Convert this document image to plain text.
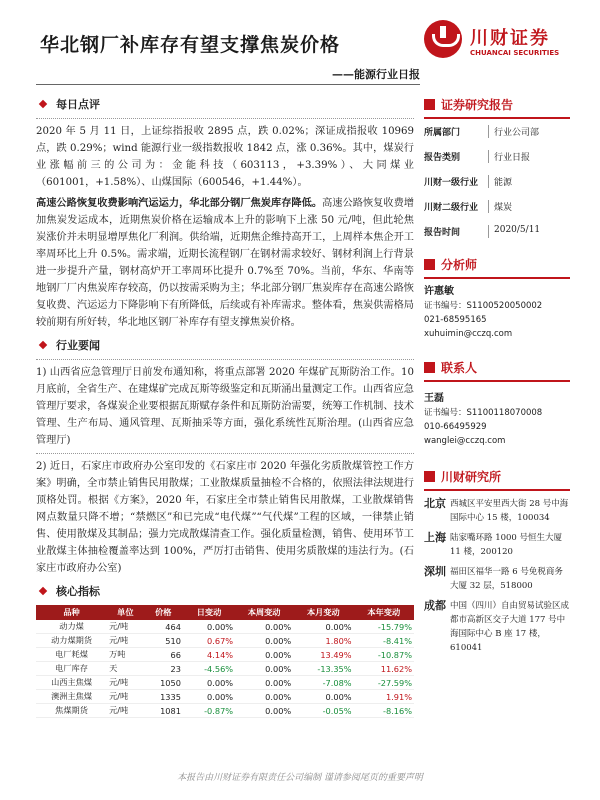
华北钢厂补库存有望支撑焦炭价格
——能源行业日报
川财证券
CHUANCAI SECURITIES
每日点评

2020 年 5 月 11 日，上证综指报收 2895 点，跌 0.02%；深证成指报收 10969 点，跌 0.29%；wind 能源行业一级指数报收 1842 点，涨 0.36%。其中，煤炭行业涨幅前三的公司为：金能科技（603113，+3.39%）、大同煤业（601001，+1.58%）、山煤国际（600546，+1.44%）。

高速公路恢复收费影响汽运运力，华北部分钢厂焦炭库存降低。高速公路恢复收费增加焦炭发运成本，近期焦炭价格在运输成本上升的影响下上涨 50 元/吨，但此轮焦炭涨价并未明显增厚焦化厂利润。供给端，近期焦企维持高开工，上周样本焦企开工率周环比上升 0.5%。需求端，近期长流程钢厂在钢材需求较好、钢材利润上行背景进一步提升产量，钢材高炉开工率周环比提升 0.7%至 70%。当前，华东、华南等地钢厂厂内焦炭库存较高，仍以按需采购为主；华北部分钢厂焦炭库存在高速公路恢复收费、汽运运力下降影响下有所降低，后续或有补库需求。整体看，焦炭供需格局较前期有所好转，华北地区钢厂补库存有望支撑焦炭价格。

行业要闻

1) 山西省应急管理厅日前发布通知称，将重点部署 2020 年煤矿瓦斯防治工作。10 月底前，全省生产、在建煤矿完成瓦斯等级鉴定和瓦斯涌出量测定工作。山西省应急管理厅要求，各煤炭企业要根据瓦斯赋存条件和瓦斯防治需要，统筹工作机制、技术管理、生产布局、通风管理、瓦斯抽采等方面，强化系统性瓦斯治理。(山西省应急管理厅)

2) 近日，石家庄市政府办公室印发的《石家庄市 2020 年强化劣质散煤管控工作方案》明确，全市禁止销售民用散煤；工业散煤质量抽检不合格的，依照法律法规进行顶格处罚。根据《方案》，2020 年，石家庄全市禁止销售民用散煤，工业散煤销售网点数量只降不增；“禁燃区”和已完成“电代煤”“气代煤”工程的区域，一律禁止销售、使用散煤及其制品；强力完成散煤清查工作。强化质量检测，销售、使用环节工业散煤主体抽检覆盖率达到 100%，严厉打击销售、使用劣质散煤的违法行为。(石家庄市政府办公室)

核心指标
品种	单位	价格	日变动	本周变动	本月变动	本年变动
动力煤	元/吨	464	0.00%	0.00%	0.00%	-15.79%
动力煤期货	元/吨	510	0.67%	0.00%	1.80%	-8.41%
电厂耗煤	万吨	66	4.14%	0.00%	13.49%	-10.87%
电厂库存	天	23	-4.56%	0.00%	-13.35%	11.62%
山西主焦煤	元/吨	1050	0.00%	0.00%	-7.08%	-27.59%
澳洲主焦煤	元/吨	1335	0.00%	0.00%	0.00%	1.91%
焦煤期货	元/吨	1081	-0.87%	0.00%	-0.05%	-8.16%
证券研究报告
所属部门	行业公司部
报告类别	行业日报
川财一级行业	能源
川财二级行业	煤炭
报告时间	2020/5/11
分析师
许惠敏
证书编号：S1100520050002
021-68595165
xuhuimin@cczq.com
联系人
王磊
证书编号：S1100118070008
010-66495929
wanglei@cczq.com
川财研究所
北京 西城区平安里西大街 28 号中海国际中心 15 楼，100034
上海 陆家嘴环路 1000 号恒生大厦 11 楼，200120
深圳 福田区福华一路 6 号免税商务大厦 32 层，518000
成都 中国（四川）自由贸易试验区成都市高新区交子大道 177 号中海国际中心 B 座 17 楼，610041
本报告由川财证券有限责任公司编制 谨请参阅尾页的重要声明
